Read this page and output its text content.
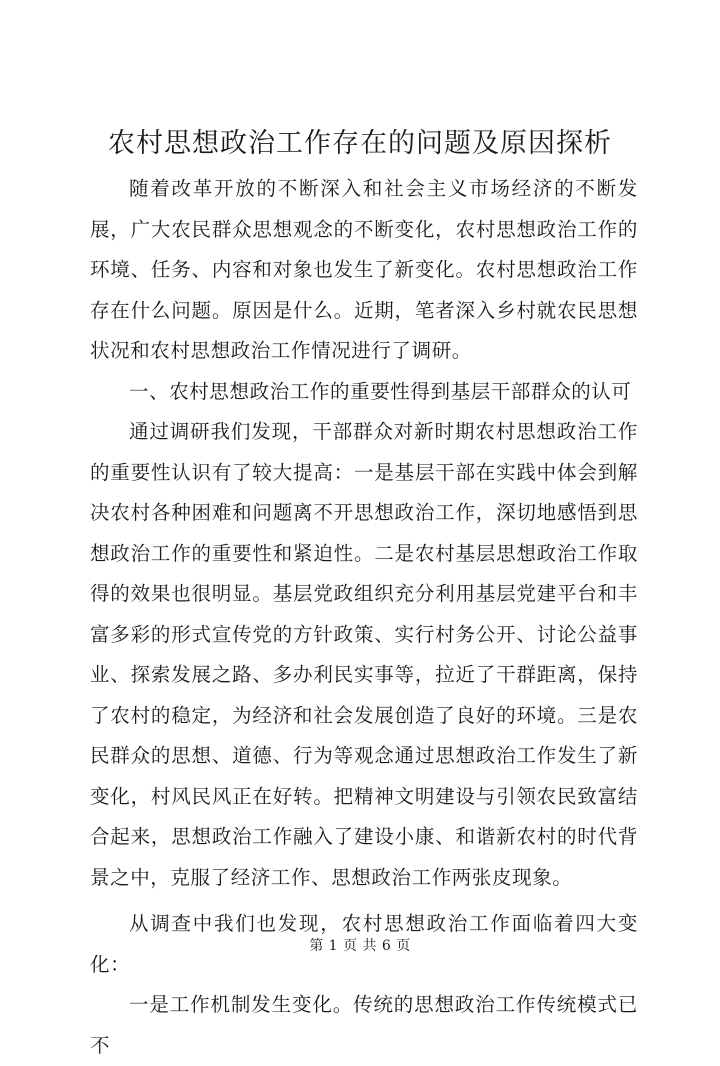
农村思想政治工作存在的问题及原因探析

随着改革开放的不断深入和社会主义市场经济的不断发展，广大农民群众思想观念的不断变化，农村思想政治工作的环境、任务、内容和对象也发生了新变化。农村思想政治工作存在什么问题。原因是什么。近期，笔者深入乡村就农民思想状况和农村思想政治工作情况进行了调研。

一、农村思想政治工作的重要性得到基层干部群众的认可

通过调研我们发现，干部群众对新时期农村思想政治工作的重要性认识有了较大提高：一是基层干部在实践中体会到解决农村各种困难和问题离不开思想政治工作，深切地感悟到思想政治工作的重要性和紧迫性。二是农村基层思想政治工作取得的效果也很明显。基层党政组织充分利用基层党建平台和丰富多彩的形式宣传党的方针政策、实行村务公开、讨论公益事业、探索发展之路、多办利民实事等，拉近了干群距离，保持了农村的稳定，为经济和社会发展创造了良好的环境。三是农民群众的思想、道德、行为等观念通过思想政治工作发生了新变化，村风民风正在好转。把精神文明建设与引领农民致富结合起来，思想政治工作融入了建设小康、和谐新农村的时代背景之中，克服了经济工作、思想政治工作两张皮现象。

从调查中我们也发现，农村思想政治工作面临着四大变化：

一是工作机制发生变化。传统的思想政治工作传统模式已不

第 1 页 共 6 页
